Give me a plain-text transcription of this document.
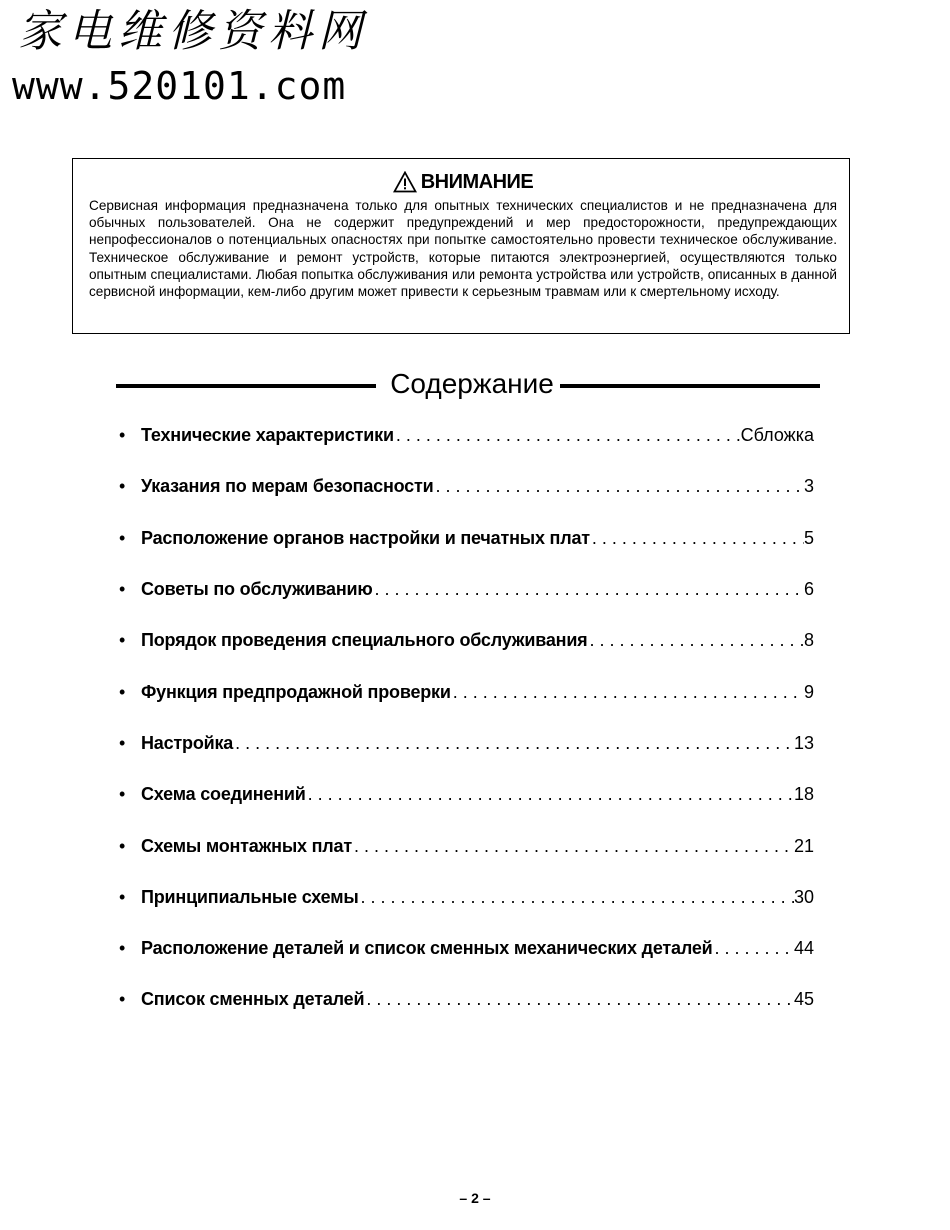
家电维修资料网
www.520101.com
ВНИМАНИЕ
Сервисная информация предназначена только для опытных технических специалистов и не предназначена для обычных пользователей. Она не содержит предупреждений и мер предосторожности, предупреждающих непрофессионалов о потенциальных опасностях при попытке самостоятельно провести техническое обслуживание. Техническое обслуживание и ремонт устройств, которые питаются электроэнергией, осуществляются только опытным специалистами. Любая попытка обслуживания или ремонта устройства или устройств, описанных в данной сервисной информации, кем-либо другим может привести к серьезным травмам или к смертельному исходу.
Содержание
• Технические характеристики . . .	Сбложка
• Указания по мерам безопасности . . .	3
• Расположение органов настройки и печатных плат . . .	5
• Советы по обслуживанию . . .	6
• Порядок проведения специального обслуживания . . .	8
• Функция предпродажной проверки . . .	9
• Настройка . . .	13
• Схема соединений . . .	18
• Схемы монтажных плат . . .	21
• Принципиальные схемы . . .	30
• Расположение деталей и список сменных механических деталей . . .	44
• Список сменных деталей . . .	45
– 2 –
